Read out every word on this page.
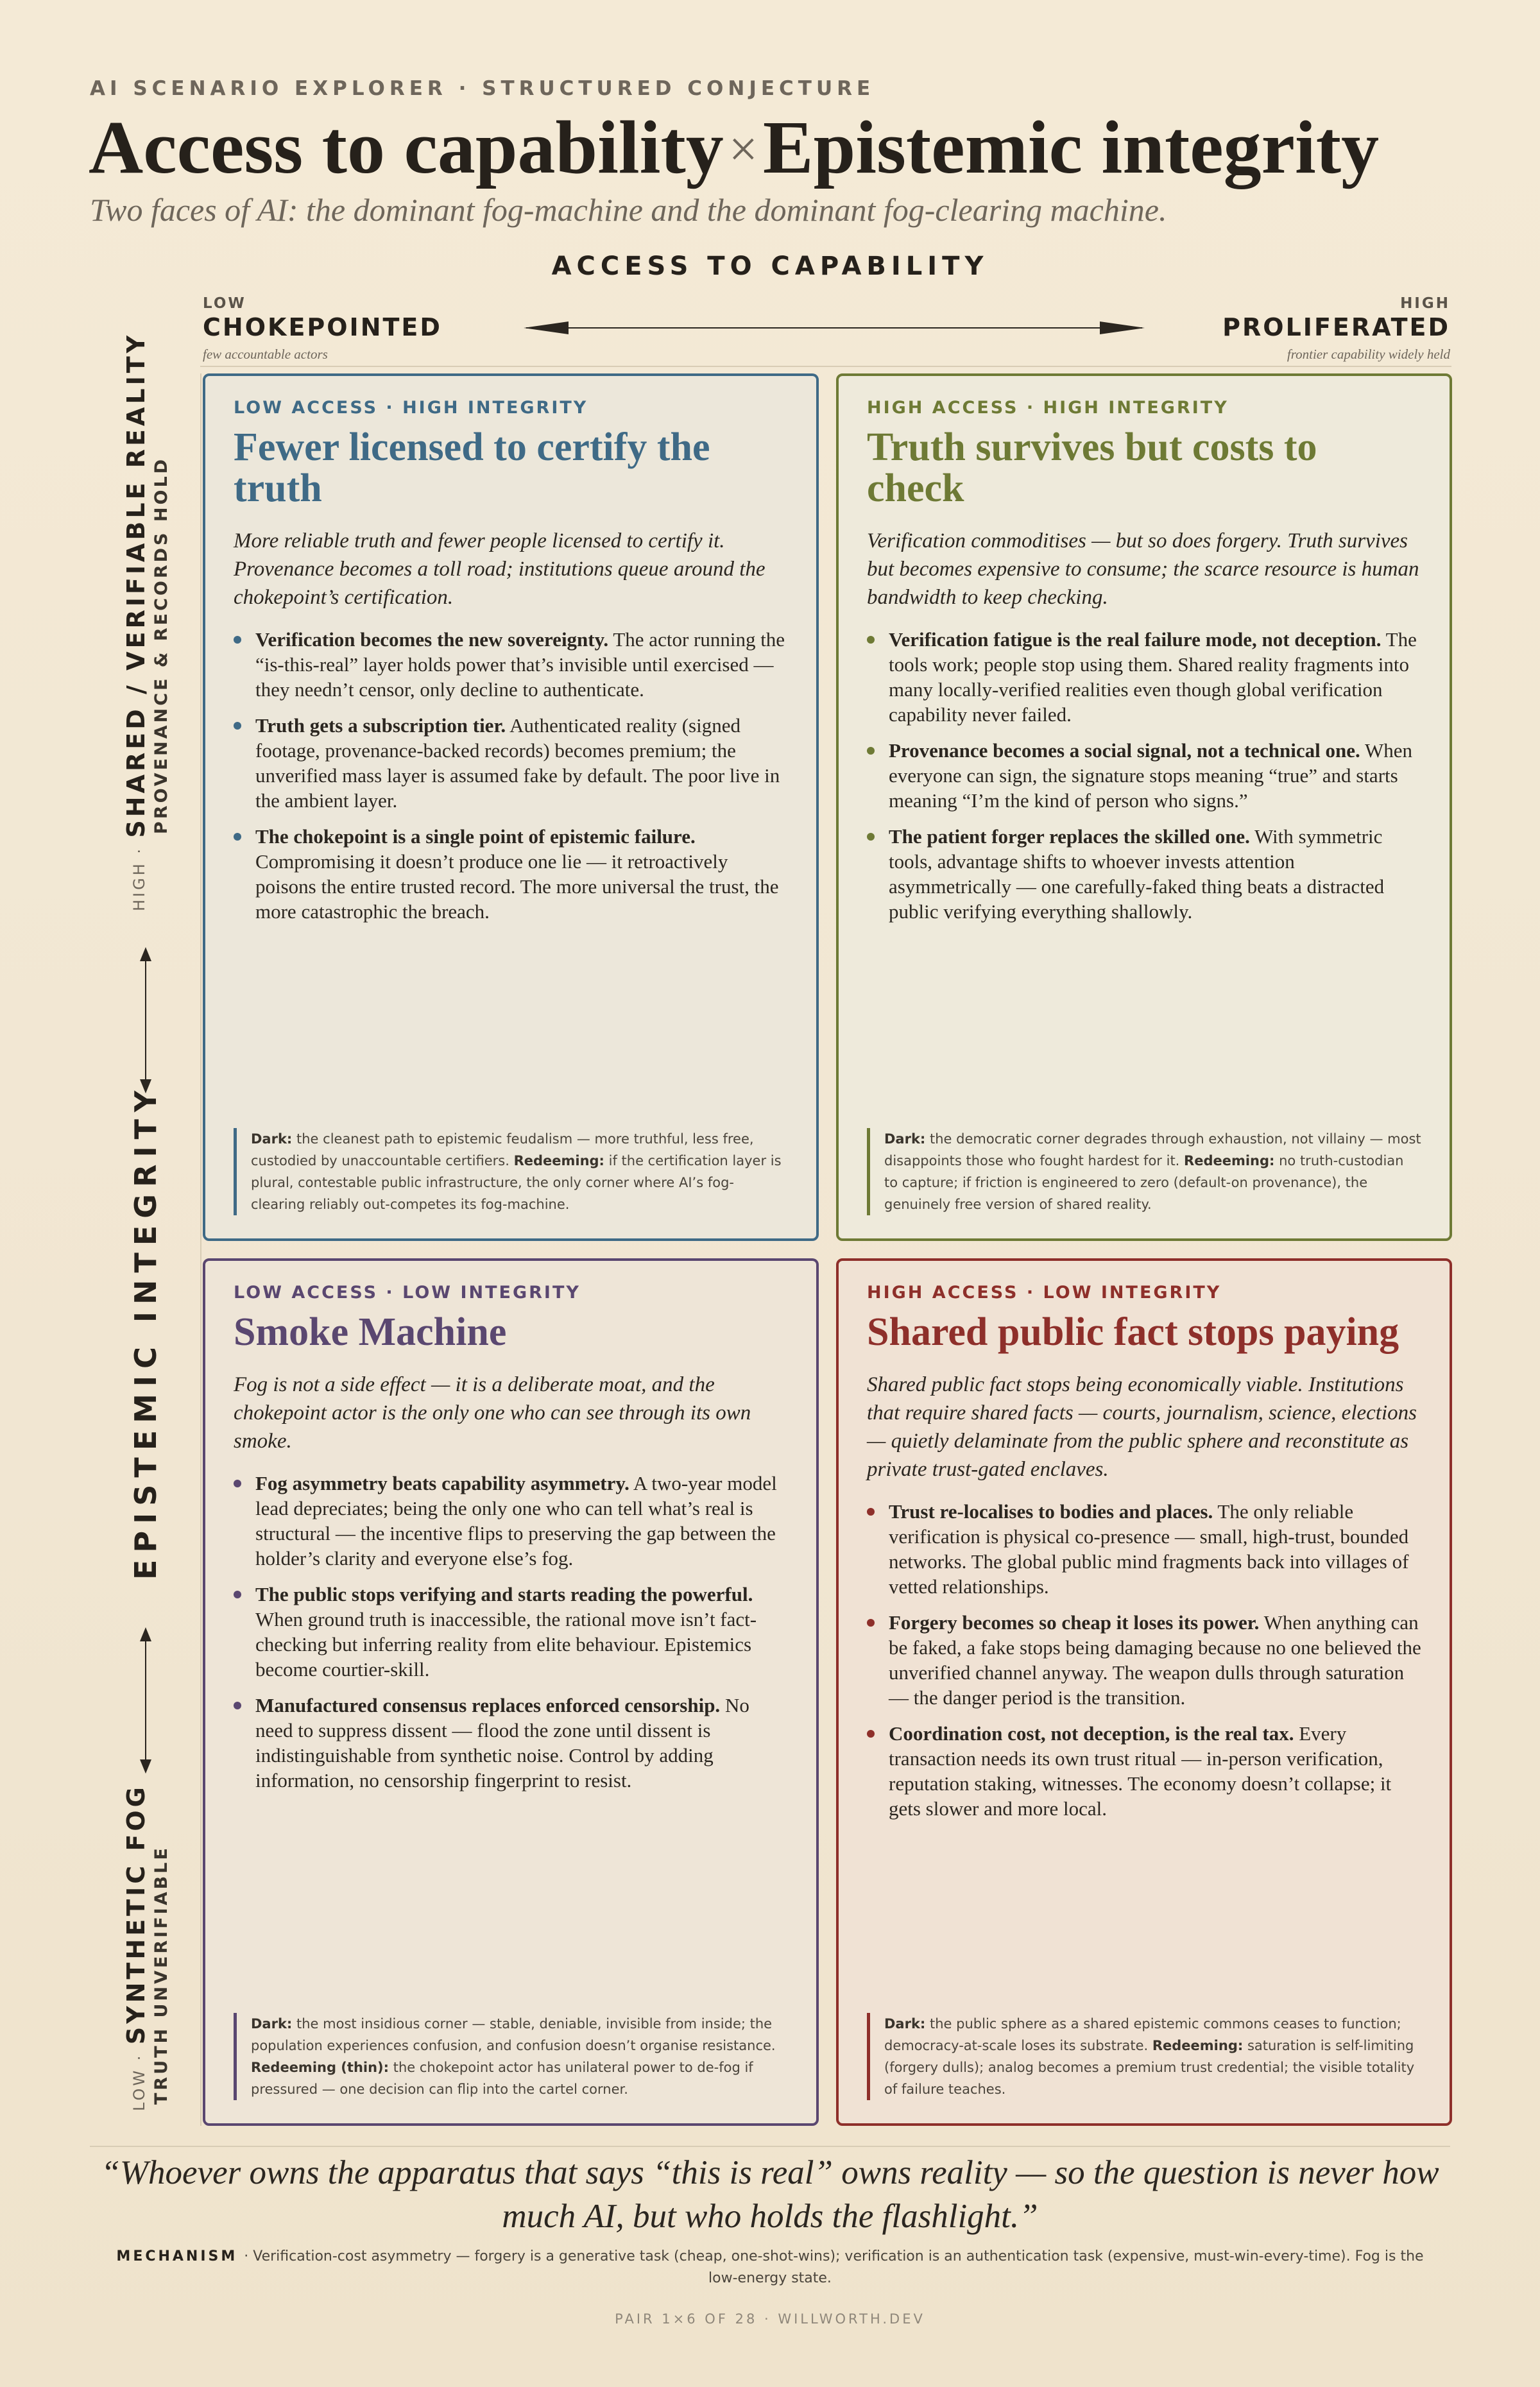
AI SCENARIO EXPLORER · STRUCTURED CONJECTURE
Access to capability ×Epistemic integrity
Two faces of AI: the dominant fog-machine and the dominant fog-clearing machine.
ACCESS TO CAPABILITY
LOW
CHOKEPOINTED
few accountable actors
HIGH
PROLIFERATED
frontier capability widely held
HIGH · SHARED / VERIFIABLE REALITY PROVENANCE & RECORDS HOLD
EPISTEMIC INTEGRITY
LOW · SYNTHETIC FOG TRUTH UNVERIFIABLE
LOW ACCESS · HIGH INTEGRITY
Fewer licensed to certify the truth
More reliable truth and fewer people licensed to certify it. Provenance becomes a toll road; institutions queue around the chokepoint’s certification.
Verification becomes the new sovereignty. The actor running the “is-this-real” layer holds power that’s invisible until exercised — they needn’t censor, only decline to authenticate.
Truth gets a subscription tier. Authenticated reality (signed footage, provenance-backed records) becomes premium; the unverified mass layer is assumed fake by default. The poor live in the ambient layer.
The chokepoint is a single point of epistemic failure. Compromising it doesn’t produce one lie — it retroactively poisons the entire trusted record. The more universal the trust, the more catastrophic the breach.
Dark: the cleanest path to epistemic feudalism — more truthful, less free, custodied by unaccountable certifiers. Redeeming: if the certification layer is plural, contestable public infrastructure, the only corner where AI’s fog-clearing reliably out-competes its fog-machine.
HIGH ACCESS · HIGH INTEGRITY
Truth survives but costs to check
Verification commoditises — but so does forgery. Truth survives but becomes expensive to consume; the scarce resource is human bandwidth to keep checking.
Verification fatigue is the real failure mode, not deception. The tools work; people stop using them. Shared reality fragments into many locally-verified realities even though global verification capability never failed.
Provenance becomes a social signal, not a technical one. When everyone can sign, the signature stops meaning “true” and starts meaning “I’m the kind of person who signs.”
The patient forger replaces the skilled one. With symmetric tools, advantage shifts to whoever invests attention asymmetrically — one carefully-faked thing beats a distracted public verifying everything shallowly.
Dark: the democratic corner degrades through exhaustion, not villainy — most disappoints those who fought hardest for it. Redeeming: no truth-custodian to capture; if friction is engineered to zero (default-on provenance), the genuinely free version of shared reality.
LOW ACCESS · LOW INTEGRITY
Smoke Machine
Fog is not a side effect — it is a deliberate moat, and the chokepoint actor is the only one who can see through its own smoke.
Fog asymmetry beats capability asymmetry. A two-year model lead depreciates; being the only one who can tell what’s real is structural — the incentive flips to preserving the gap between the holder’s clarity and everyone else’s fog.
The public stops verifying and starts reading the powerful. When ground truth is inaccessible, the rational move isn’t fact-checking but inferring reality from elite behaviour. Epistemics become courtier-skill.
Manufactured consensus replaces enforced censorship. No need to suppress dissent — flood the zone until dissent is indistinguishable from synthetic noise. Control by adding information, no censorship fingerprint to resist.
Dark: the most insidious corner — stable, deniable, invisible from inside; the population experiences confusion, and confusion doesn’t organise resistance. Redeeming (thin): the chokepoint actor has unilateral power to de-fog if pressured — one decision can flip into the cartel corner.
HIGH ACCESS · LOW INTEGRITY
Shared public fact stops paying
Shared public fact stops being economically viable. Institutions that require shared facts — courts, journalism, science, elections — quietly delaminate from the public sphere and reconstitute as private trust-gated enclaves.
Trust re-localises to bodies and places. The only reliable verification is physical co-presence — small, high-trust, bounded networks. The global public mind fragments back into villages of vetted relationships.
Forgery becomes so cheap it loses its power. When anything can be faked, a fake stops being damaging because no one believed the unverified channel anyway. The weapon dulls through saturation — the danger period is the transition.
Coordination cost, not deception, is the real tax. Every transaction needs its own trust ritual — in-person verification, reputation staking, witnesses. The economy doesn’t collapse; it gets slower and more local.
Dark: the public sphere as a shared epistemic commons ceases to function; democracy-at-scale loses its substrate. Redeeming: saturation is self-limiting (forgery dulls); analog becomes a premium trust credential; the visible totality of failure teaches.
“Whoever owns the apparatus that says “this is real” owns reality — so the question is never how much AI, but who holds the flashlight.”
MECHANISM · Verification-cost asymmetry — forgery is a generative task (cheap, one-shot-wins); verification is an authentication task (expensive, must-win-every-time). Fog is the low-energy state.
PAIR 1×6 OF 28 · WILLWORTH.DEV
